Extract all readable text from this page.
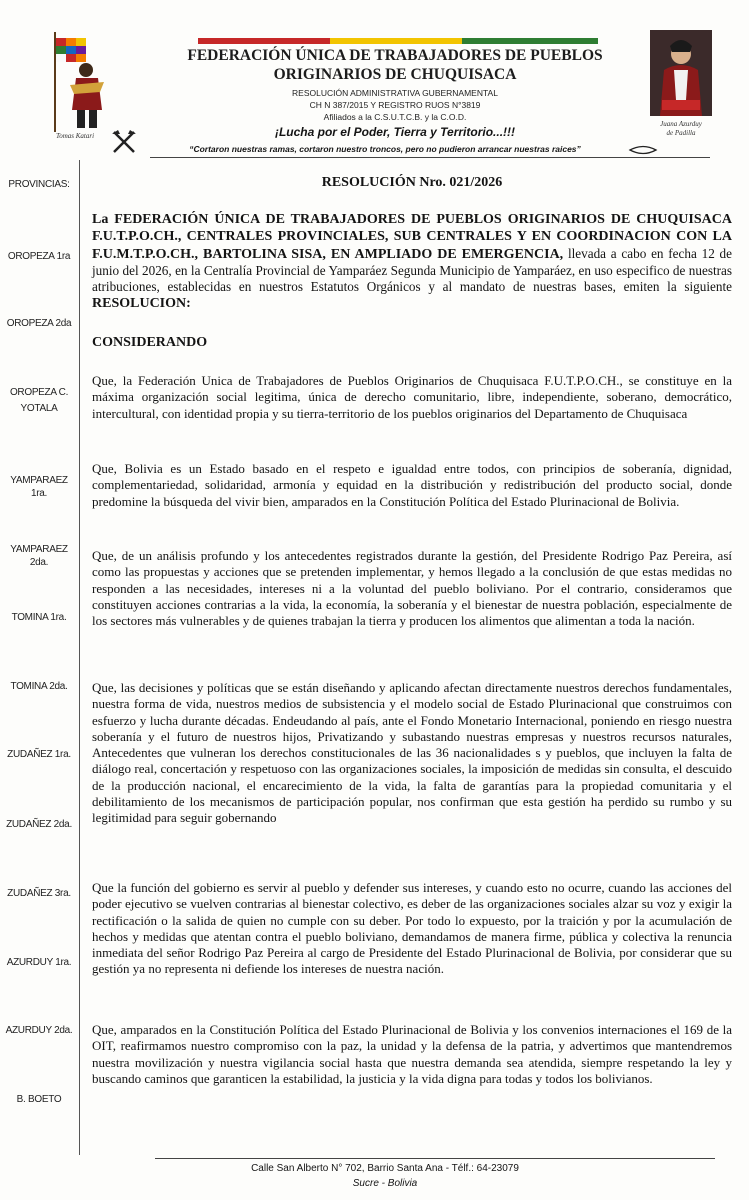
Tomas Katari
FEDERACIÓN ÚNICA DE TRABAJADORES DE PUEBLOS
ORIGINARIOS DE CHUQUISACA
RESOLUCIÓN ADMINISTRATIVA GUBERNAMENTAL
CH N 387/2015 Y REGISTRO RUOS N°3819
Afiliados a la C.S.U.T.C.B. y la C.O.D.
¡Lucha por el Poder, Tierra y Territorio...!!!
“Cortaron nuestras ramas, cortaron nuestro troncos, pero no pudieron arrancar nuestras raices”
Juana Azurduy
de Padilla
PROVINCIAS:
OROPEZA 1ra
OROPEZA 2da
OROPEZA C.
YOTALA
YAMPARAEZ 1ra.
YAMPARAEZ 2da.
TOMINA 1ra.
TOMINA 2da.
ZUDAÑEZ 1ra.
ZUDAÑEZ 2da.
ZUDAÑEZ 3ra.
AZURDUY 1ra.
AZURDUY 2da.
B. BOETO
RESOLUCIÓN Nro. 021/2026
La FEDERACIÓN ÚNICA DE TRABAJADORES DE PUEBLOS ORIGINARIOS DE CHUQUISACA F.U.T.P.O.CH., CENTRALES PROVINCIALES, SUB CENTRALES Y EN COORDINACION CON LA F.U.M.T.P.O.CH., BARTOLINA SISA, EN AMPLIADO DE EMERGENCIA, llevada a cabo en fecha 12 de junio del 2026, en la Centralía Provincial de Yamparáez Segunda Municipio de Yamparáez, en uso especifico de nuestras atribuciones, establecidas en nuestros Estatutos Orgánicos y al mandato de nuestras bases, emiten la siguiente RESOLUCION:
CONSIDERANDO
Que, la Federación Unica de Trabajadores de Pueblos Originarios de Chuquisaca F.U.T.P.O.CH., se constituye en la máxima organización social legitima, única de derecho comunitario, libre, independiente, soberano, democrático, intercultural, con identidad propia y su tierra-territorio de los pueblos originarios del Departamento de Chuquisaca
Que, Bolivia es un Estado basado en el respeto e igualdad entre todos, con principios de soberanía, dignidad, complementariedad, solidaridad, armonía y equidad en la distribución y redistribución del producto social, donde predomine la búsqueda del vivir bien, amparados en la Constitución Política del Estado Plurinacional de Bolivia.
Que, de un análisis profundo y los antecedentes registrados durante la gestión, del Presidente Rodrigo Paz Pereira, así como las propuestas y acciones que se pretenden implementar, y hemos llegado a la conclusión de que estas medidas no responden a las necesidades, intereses ni a la voluntad del pueblo boliviano. Por el contrario, consideramos que constituyen acciones contrarias a la vida, la economía, la soberanía y el bienestar de nuestra población, especialmente de los sectores más vulnerables y de quienes trabajan la tierra y producen los alimentos que alimentan a toda la nación.
Que, las decisiones y políticas que se están diseñando y aplicando afectan directamente nuestros derechos fundamentales, nuestra forma de vida, nuestros medios de subsistencia y el modelo social de Estado Plurinacional que construimos con esfuerzo y lucha durante décadas. Endeudando al país, ante el Fondo Monetario Internacional, poniendo en riesgo nuestra soberanía y el futuro de nuestros hijos, Privatizando y subastando nuestras empresas y nuestros recursos naturales, Antecedentes que vulneran los derechos constitucionales de las 36 nacionalidades s y pueblos, que incluyen la falta de diálogo real, concertación y respetuoso con las organizaciones sociales, la imposición de medidas sin consulta, el descuido de la producción nacional, el encarecimiento de la vida, la falta de garantías para la propiedad comunitaria y el debilitamiento de los mecanismos de participación popular, nos confirman que esta gestión ha perdido su rumbo y su legitimidad para seguir gobernando
Que la función del gobierno es servir al pueblo y defender sus intereses, y cuando esto no ocurre, cuando las acciones del poder ejecutivo se vuelven contrarias al bienestar colectivo, es deber de las organizaciones sociales alzar su voz y exigir la rectificación o la salida de quien no cumple con su deber. Por todo lo expuesto, por la traición y por la acumulación de hechos y medidas que atentan contra el pueblo boliviano, demandamos de manera firme, pública y colectiva la renuncia inmediata del señor Rodrigo Paz Pereira al cargo de Presidente del Estado Plurinacional de Bolivia, por considerar que su gestión ya no representa ni defiende los intereses de nuestra nación.
Que, amparados en la Constitución Política del Estado Plurinacional de Bolivia y los convenios internaciones el 169 de la OIT, reafirmamos nuestro compromiso con la paz, la unidad y la defensa de la patria, y advertimos que mantendremos nuestra movilización y nuestra vigilancia social hasta que nuestra demanda sea atendida, siempre respetando la ley y buscando caminos que garanticen la estabilidad, la justicia y la vida digna para todas y todos los bolivianos.
Calle San Alberto N° 702, Barrio Santa Ana - Télf.: 64-23079
Sucre - Bolivia
